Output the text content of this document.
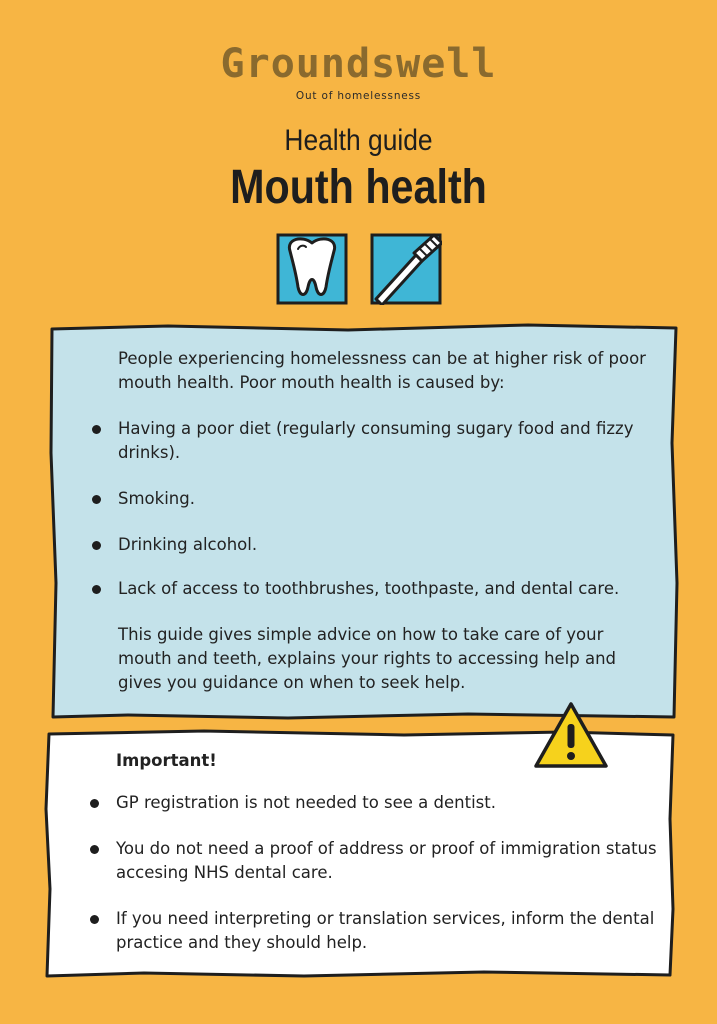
Groundswell
Out of homelessness
Health guide
Mouth health

People experiencing homelessness can be at higher risk of poor mouth health. Poor mouth health is caused by:

Having a poor diet (regularly consuming sugary food and fizzy drinks).
Smoking.
Drinking alcohol.
Lack of access to toothbrushes, toothpaste, and dental care.

This guide gives simple advice on how to take care of your mouth and teeth, explains your rights to accessing help and gives you guidance on when to seek help.

Important!

GP registration is not needed to see a dentist.
You do not need a proof of address or proof of immigration status accesing NHS dental care.
If you need interpreting or translation services, inform the dental practice and they should help.
